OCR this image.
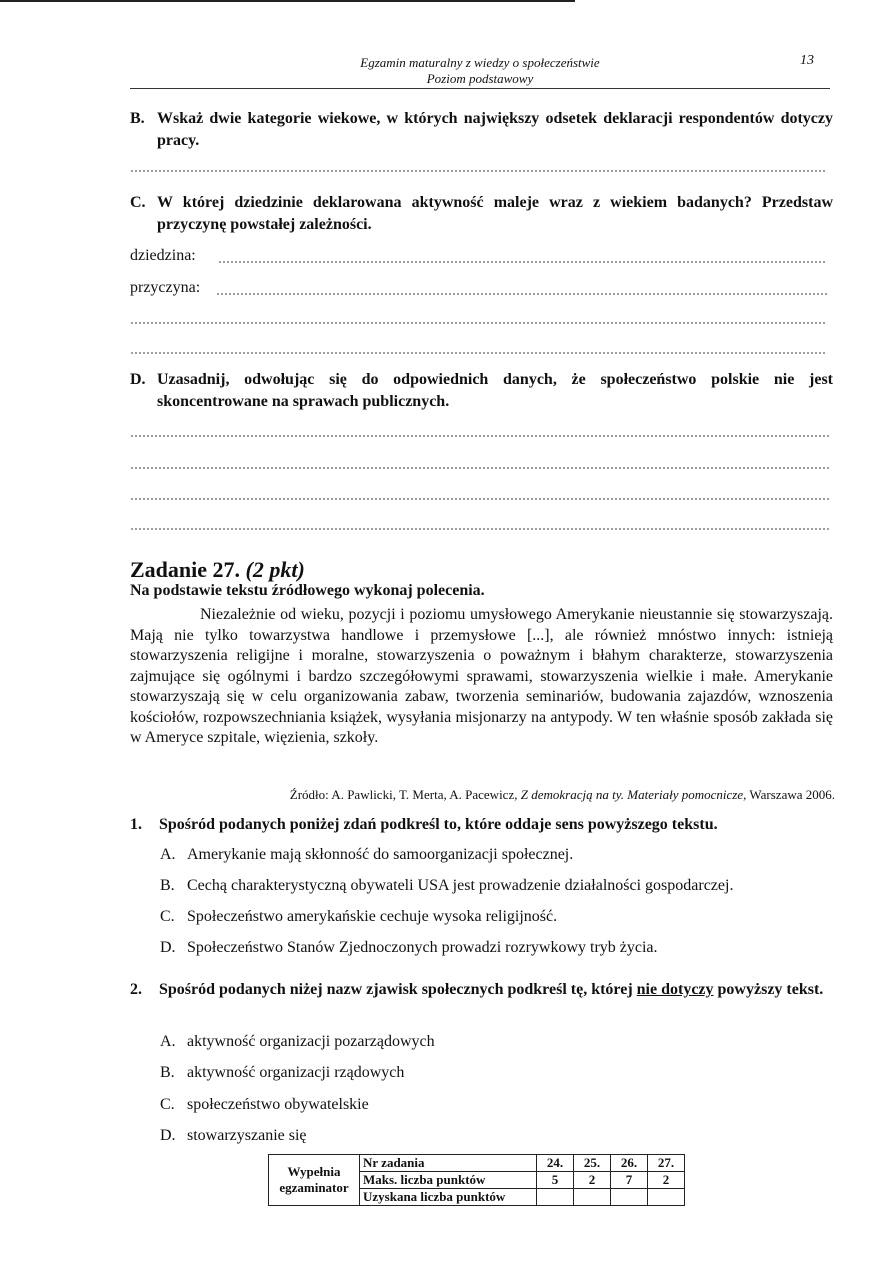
Egzamin maturalny z wiedzy o społeczeństwie
Poziom podstawowy
13
B. Wskaż dwie kategorie wiekowe, w których największy odsetek deklaracji respondentów dotyczy pracy.
C. W której dziedzinie deklarowana aktywność maleje wraz z wiekiem badanych? Przedstaw przyczynę powstałej zależności.
dziedzina:
przyczyna:
D. Uzasadnij, odwołując się do odpowiednich danych, że społeczeństwo polskie nie jest skoncentrowane na sprawach publicznych.
Zadanie 27. (2 pkt)
Na podstawie tekstu źródłowego wykonaj polecenia.
Niezależnie od wieku, pozycji i poziomu umysłowego Amerykanie nieustannie się stowarzyszają. Mają nie tylko towarzystwa handlowe i przemysłowe [...], ale również mnóstwo innych: istnieją stowarzyszenia religijne i moralne, stowarzyszenia o poważnym i błahym charakterze, stowarzyszenia zajmujące się ogólnymi i bardzo szczegółowymi sprawami, stowarzyszenia wielkie i małe. Amerykanie stowarzyszają się w celu organizowania zabaw, tworzenia seminariów, budowania zajazdów, wznoszenia kościołów, rozpowszechniania książek, wysyłania misjonarzy na antypody. W ten właśnie sposób zakłada się w Ameryce szpitale, więzienia, szkoły.
Źródło: A. Pawlicki, T. Merta, A. Pacewicz, Z demokracją na ty. Materiały pomocnicze, Warszawa 2006.
1. Spośród podanych poniżej zdań podkreśl to, które oddaje sens powyższego tekstu.
A. Amerykanie mają skłonność do samoorganizacji społecznej.
B. Cechą charakterystyczną obywateli USA jest prowadzenie działalności gospodarczej.
C. Społeczeństwo amerykańskie cechuje wysoka religijność.
D. Społeczeństwo Stanów Zjednoczonych prowadzi rozrywkowy tryb życia.
2. Spośród podanych niżej nazw zjawisk społecznych podkreśl tę, której nie dotyczy powyższy tekst.
A. aktywność organizacji pozarządowych
B. aktywność organizacji rządowych
C. społeczeństwo obywatelskie
D. stowarzyszanie się
Wypełnia egzaminator	Nr zadania	24.	25.	26.	27.
	Maks. liczba punktów	5	2	7	2
	Uzyskana liczba punktów				
